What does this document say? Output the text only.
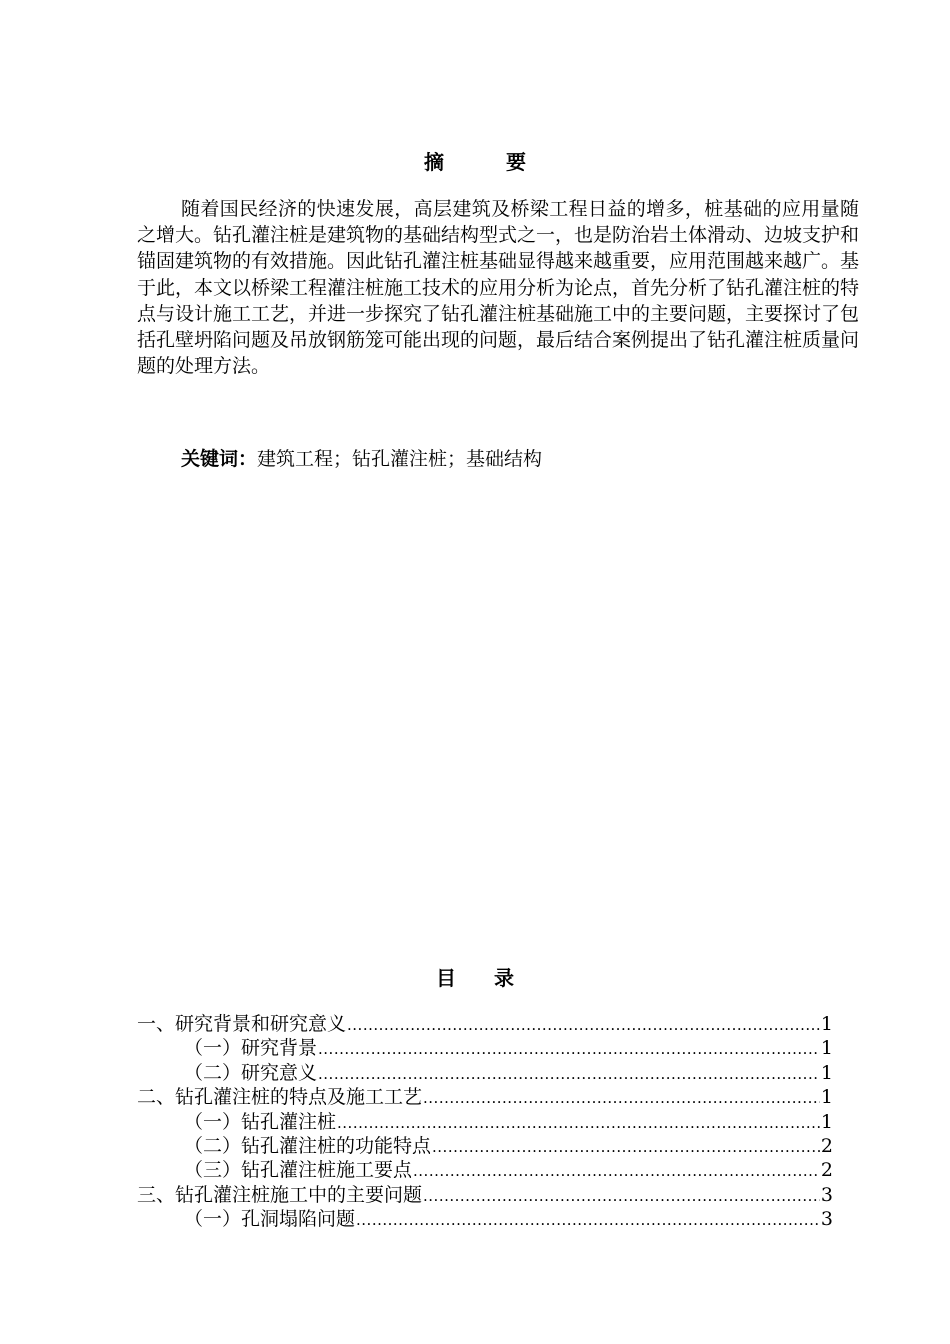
摘	要

随着国民经济的快速发展，高层建筑及桥梁工程日益的增多，桩基础的应用量随之增大。钻孔灌注桩是建筑物的基础结构型式之一，也是防治岩土体滑动、边坡支护和锚固建筑物的有效措施。因此钻孔灌注桩基础显得越来越重要，应用范围越来越广。基于此，本文以桥梁工程灌注桩施工技术的应用分析为论点，首先分析了钻孔灌注桩的特点与设计施工工艺，并进一步探究了钻孔灌注桩基础施工中的主要问题，主要探讨了包括孔壁坍陷问题及吊放钢筋笼可能出现的问题，最后结合案例提出了钻孔灌注桩质量问题的处理方法。

关键词：建筑工程；钻孔灌注桩；基础结构
目 录
一、研究背景和研究意义 .....	1
（一）研究背景 .....	1
（二）研究意义 .....	1
二、钻孔灌注桩的特点及施工工艺 .....	1
（一）钻孔灌注桩 .....	1
（二）钻孔灌注桩的功能特点 .....	2
（三）钻孔灌注桩施工要点 .....	2
三、钻孔灌注桩施工中的主要问题 .....	3
（一）孔洞塌陷问题 .....	3
